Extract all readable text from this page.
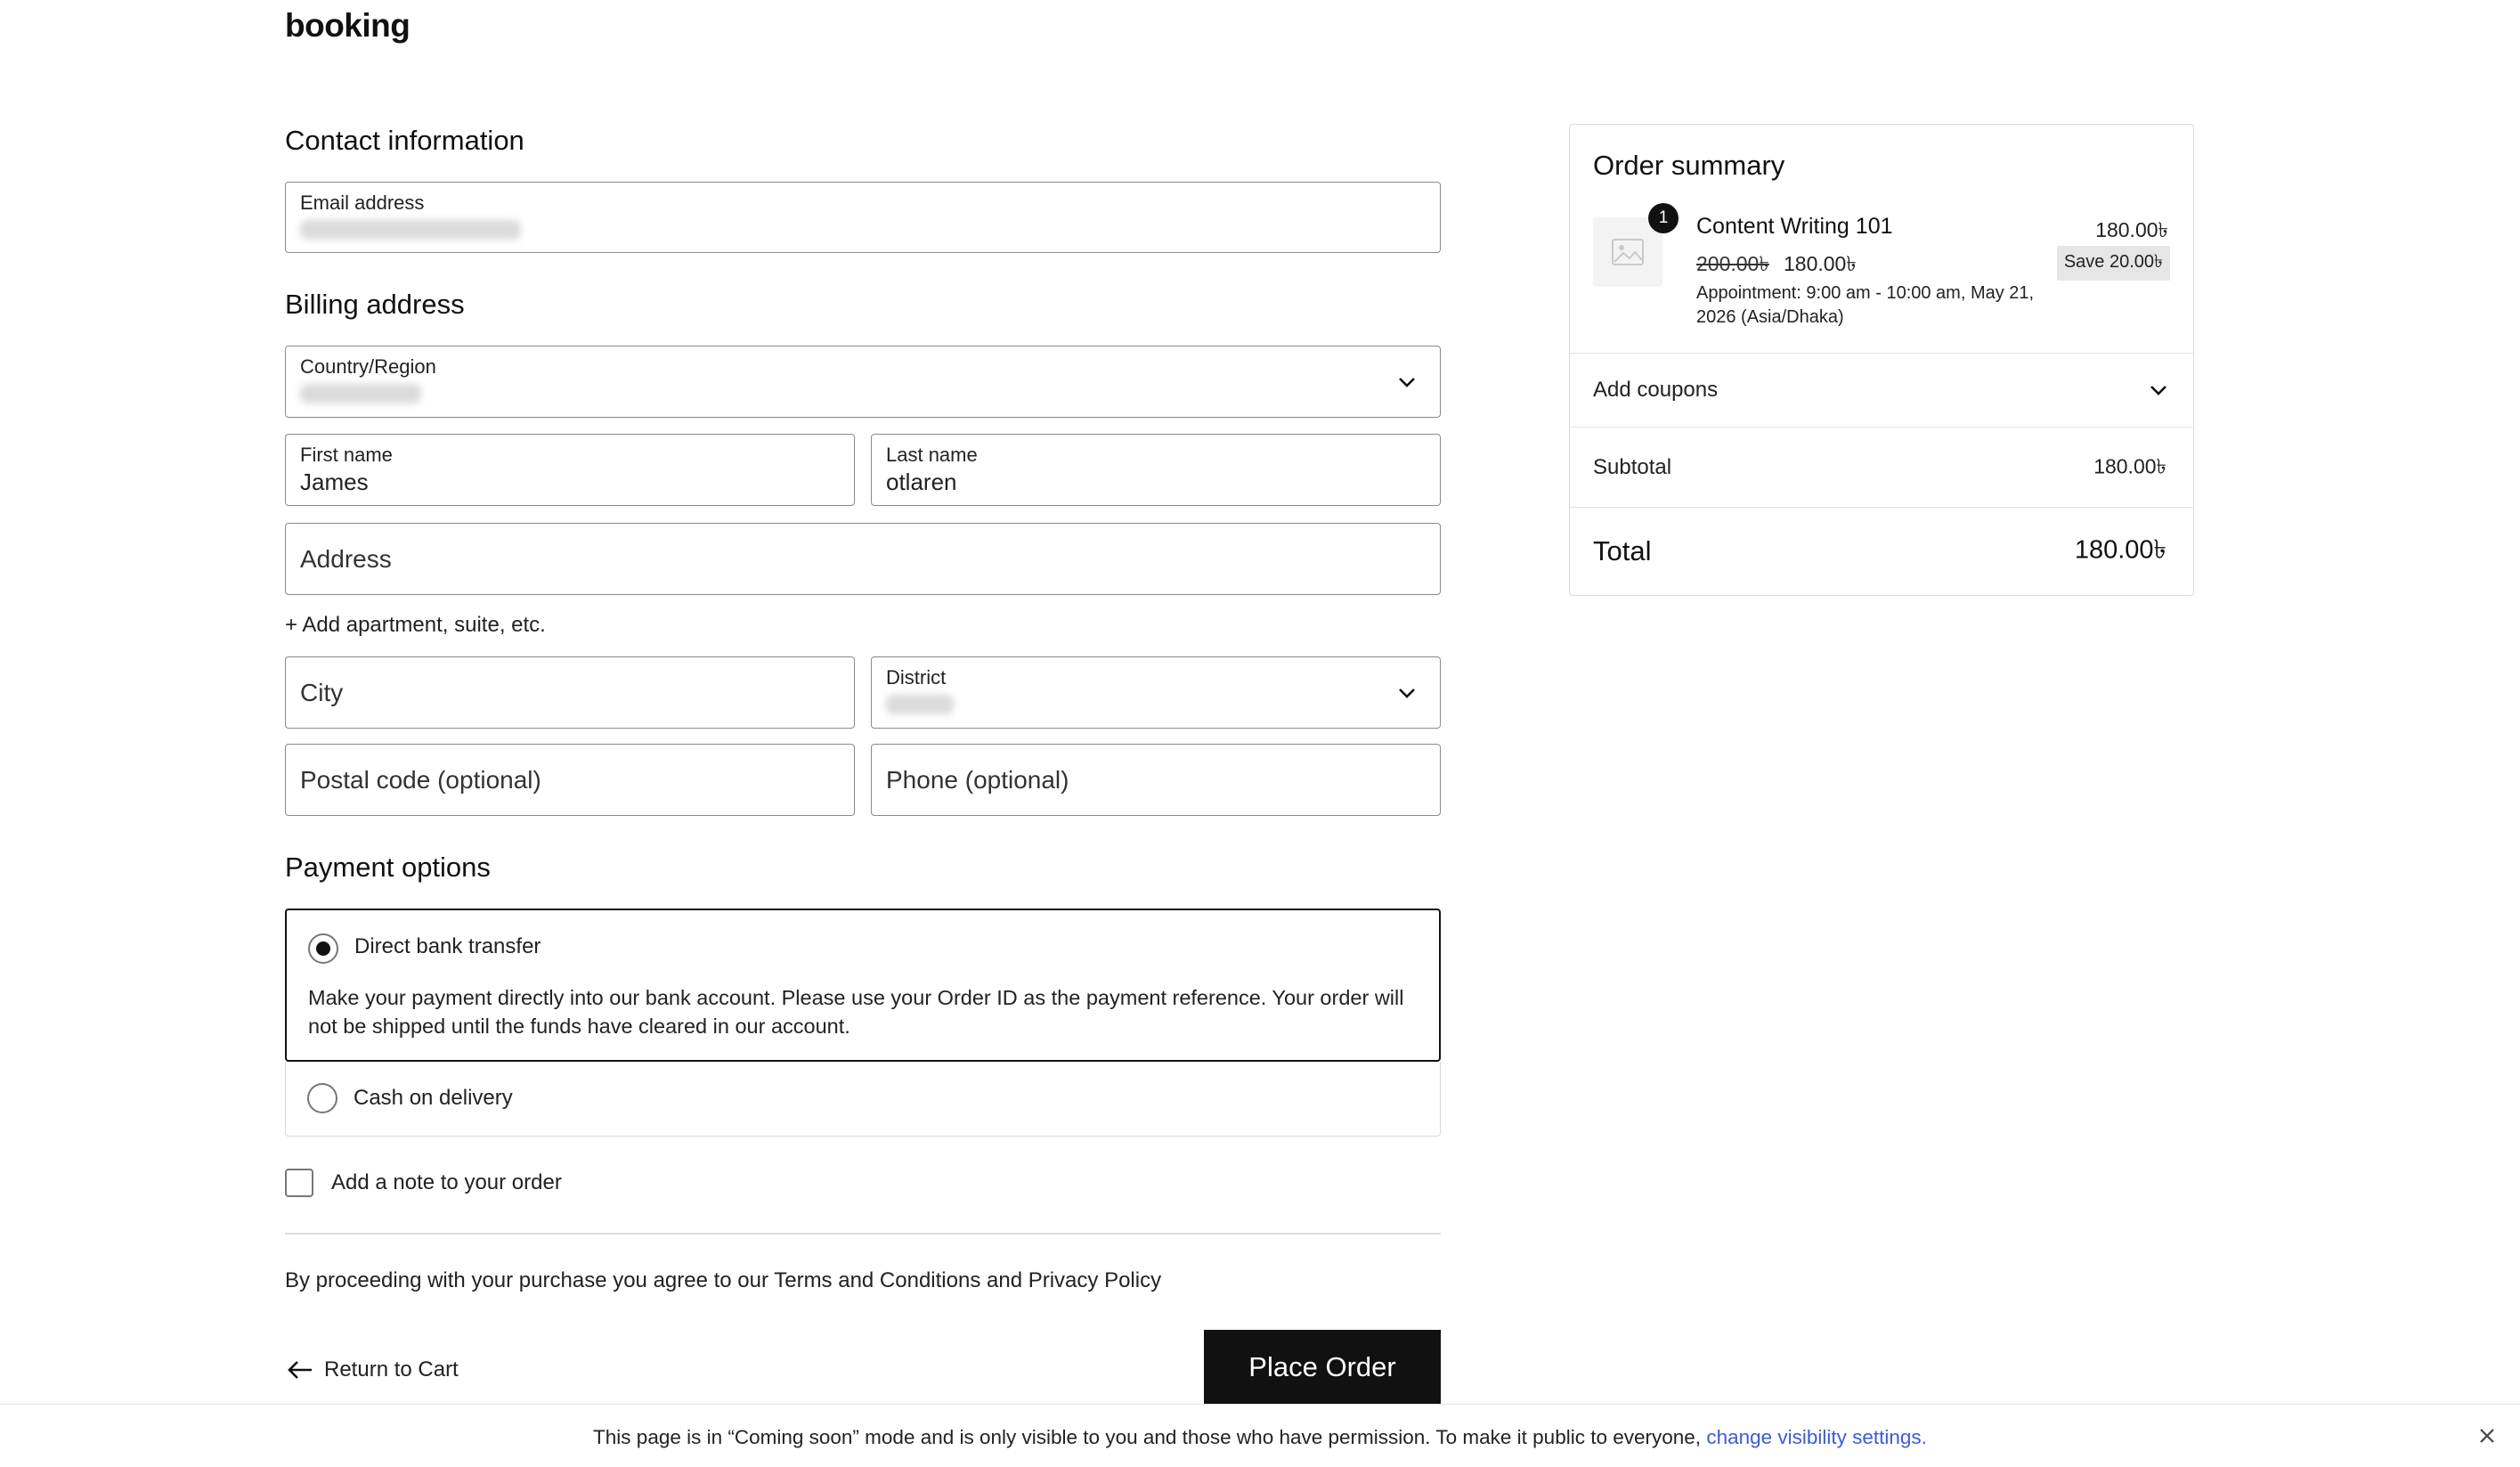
booking
Contact information
Email address
Billing address
Country/Region
First name
James
Last name
otlaren
Address
+ Add apartment, suite, etc.
City
District
Postal code (optional)	Phone (optional)
Payment options
Direct bank transfer
Make your payment directly into our bank account. Please use your Order ID as the payment reference. Your order will not be shipped until the funds have cleared in our account.
Cash on delivery
Add a note to your order
By proceeding with your purchase you agree to our Terms and Conditions and Privacy Policy
Return to Cart	Place Order
Order summary
1	Content Writing 101	180.00৳
200.00৳ 180.00৳	Save 20.00৳
Appointment: 9:00 am - 10:00 am, May 21, 2026 (Asia/Dhaka)
Add coupons
Subtotal	180.00৳
Total	180.00৳
This page is in “Coming soon” mode and is only visible to you and those who have permission. To make it public to everyone, change visibility settings.
